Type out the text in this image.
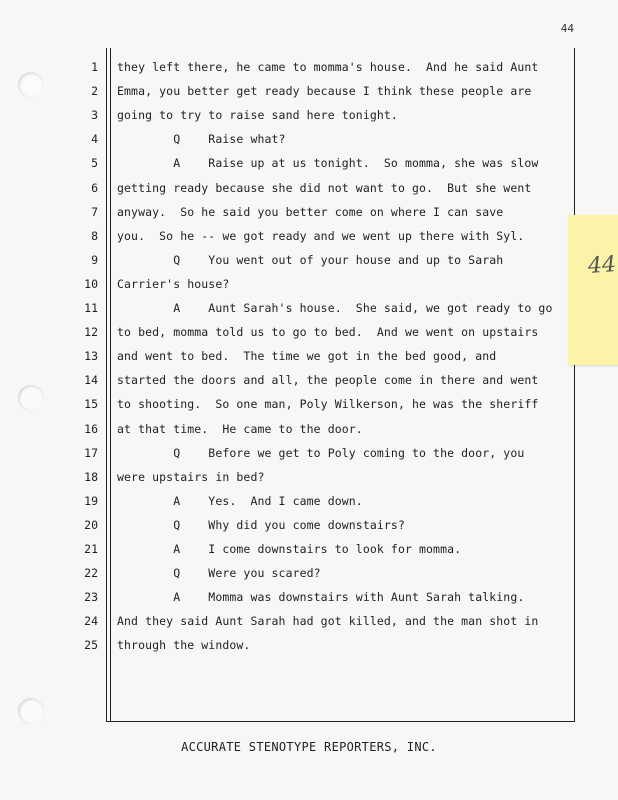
44
1 they left there, he came to momma's house.  And he said Aunt
2 Emma, you better get ready because I think these people are
3 going to try to raise sand here tonight.
4 Q    Raise what?
5 A    Raise up at us tonight.  So momma, she was slow
6 getting ready because she did not want to go.  But she went
7 anyway.  So he said you better come on where I can save
8 you.  So he -- we got ready and we went up there with Syl.
9 Q    You went out of your house and up to Sarah
10 Carrier's house?
11 A    Aunt Sarah's house.  She said, we got ready to go
12 to bed, momma told us to go to bed.  And we went on upstairs
13 and went to bed.  The time we got in the bed good, and
14 started the doors and all, the people come in there and went
15 to shooting.  So one man, Poly Wilkerson, he was the sheriff
16 at that time.  He came to the door.
17 Q    Before we get to Poly coming to the door, you
18 were upstairs in bed?
19 A    Yes.  And I came down.
20 Q    Why did you come downstairs?
21 A    I come downstairs to look for momma.
22 Q    Were you scared?
23 A    Momma was downstairs with Aunt Sarah talking.
24 And they said Aunt Sarah had got killed, and the man shot in
25 through the window.
44
ACCURATE STENOTYPE REPORTERS, INC.
